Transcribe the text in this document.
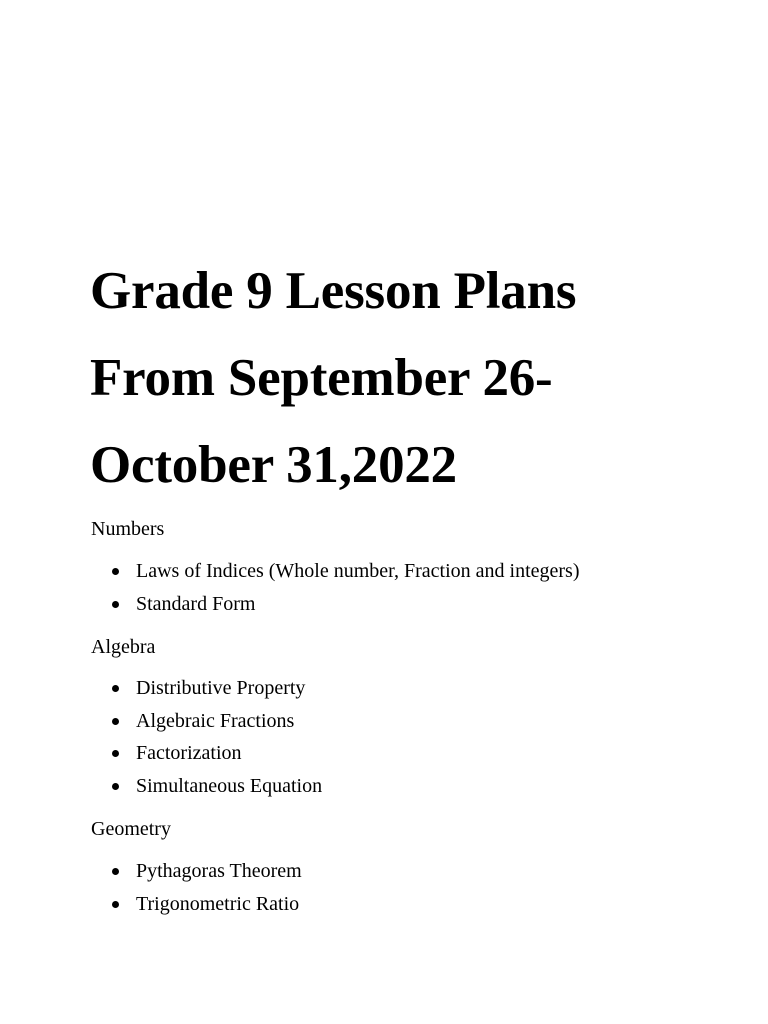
Grade 9 Lesson Plans
From September 26-
October 31,2022
Numbers
Laws of Indices (Whole number, Fraction and integers)
Standard Form
Algebra
Distributive Property
Algebraic Fractions
Factorization
Simultaneous Equation
Geometry
Pythagoras Theorem
Trigonometric Ratio
